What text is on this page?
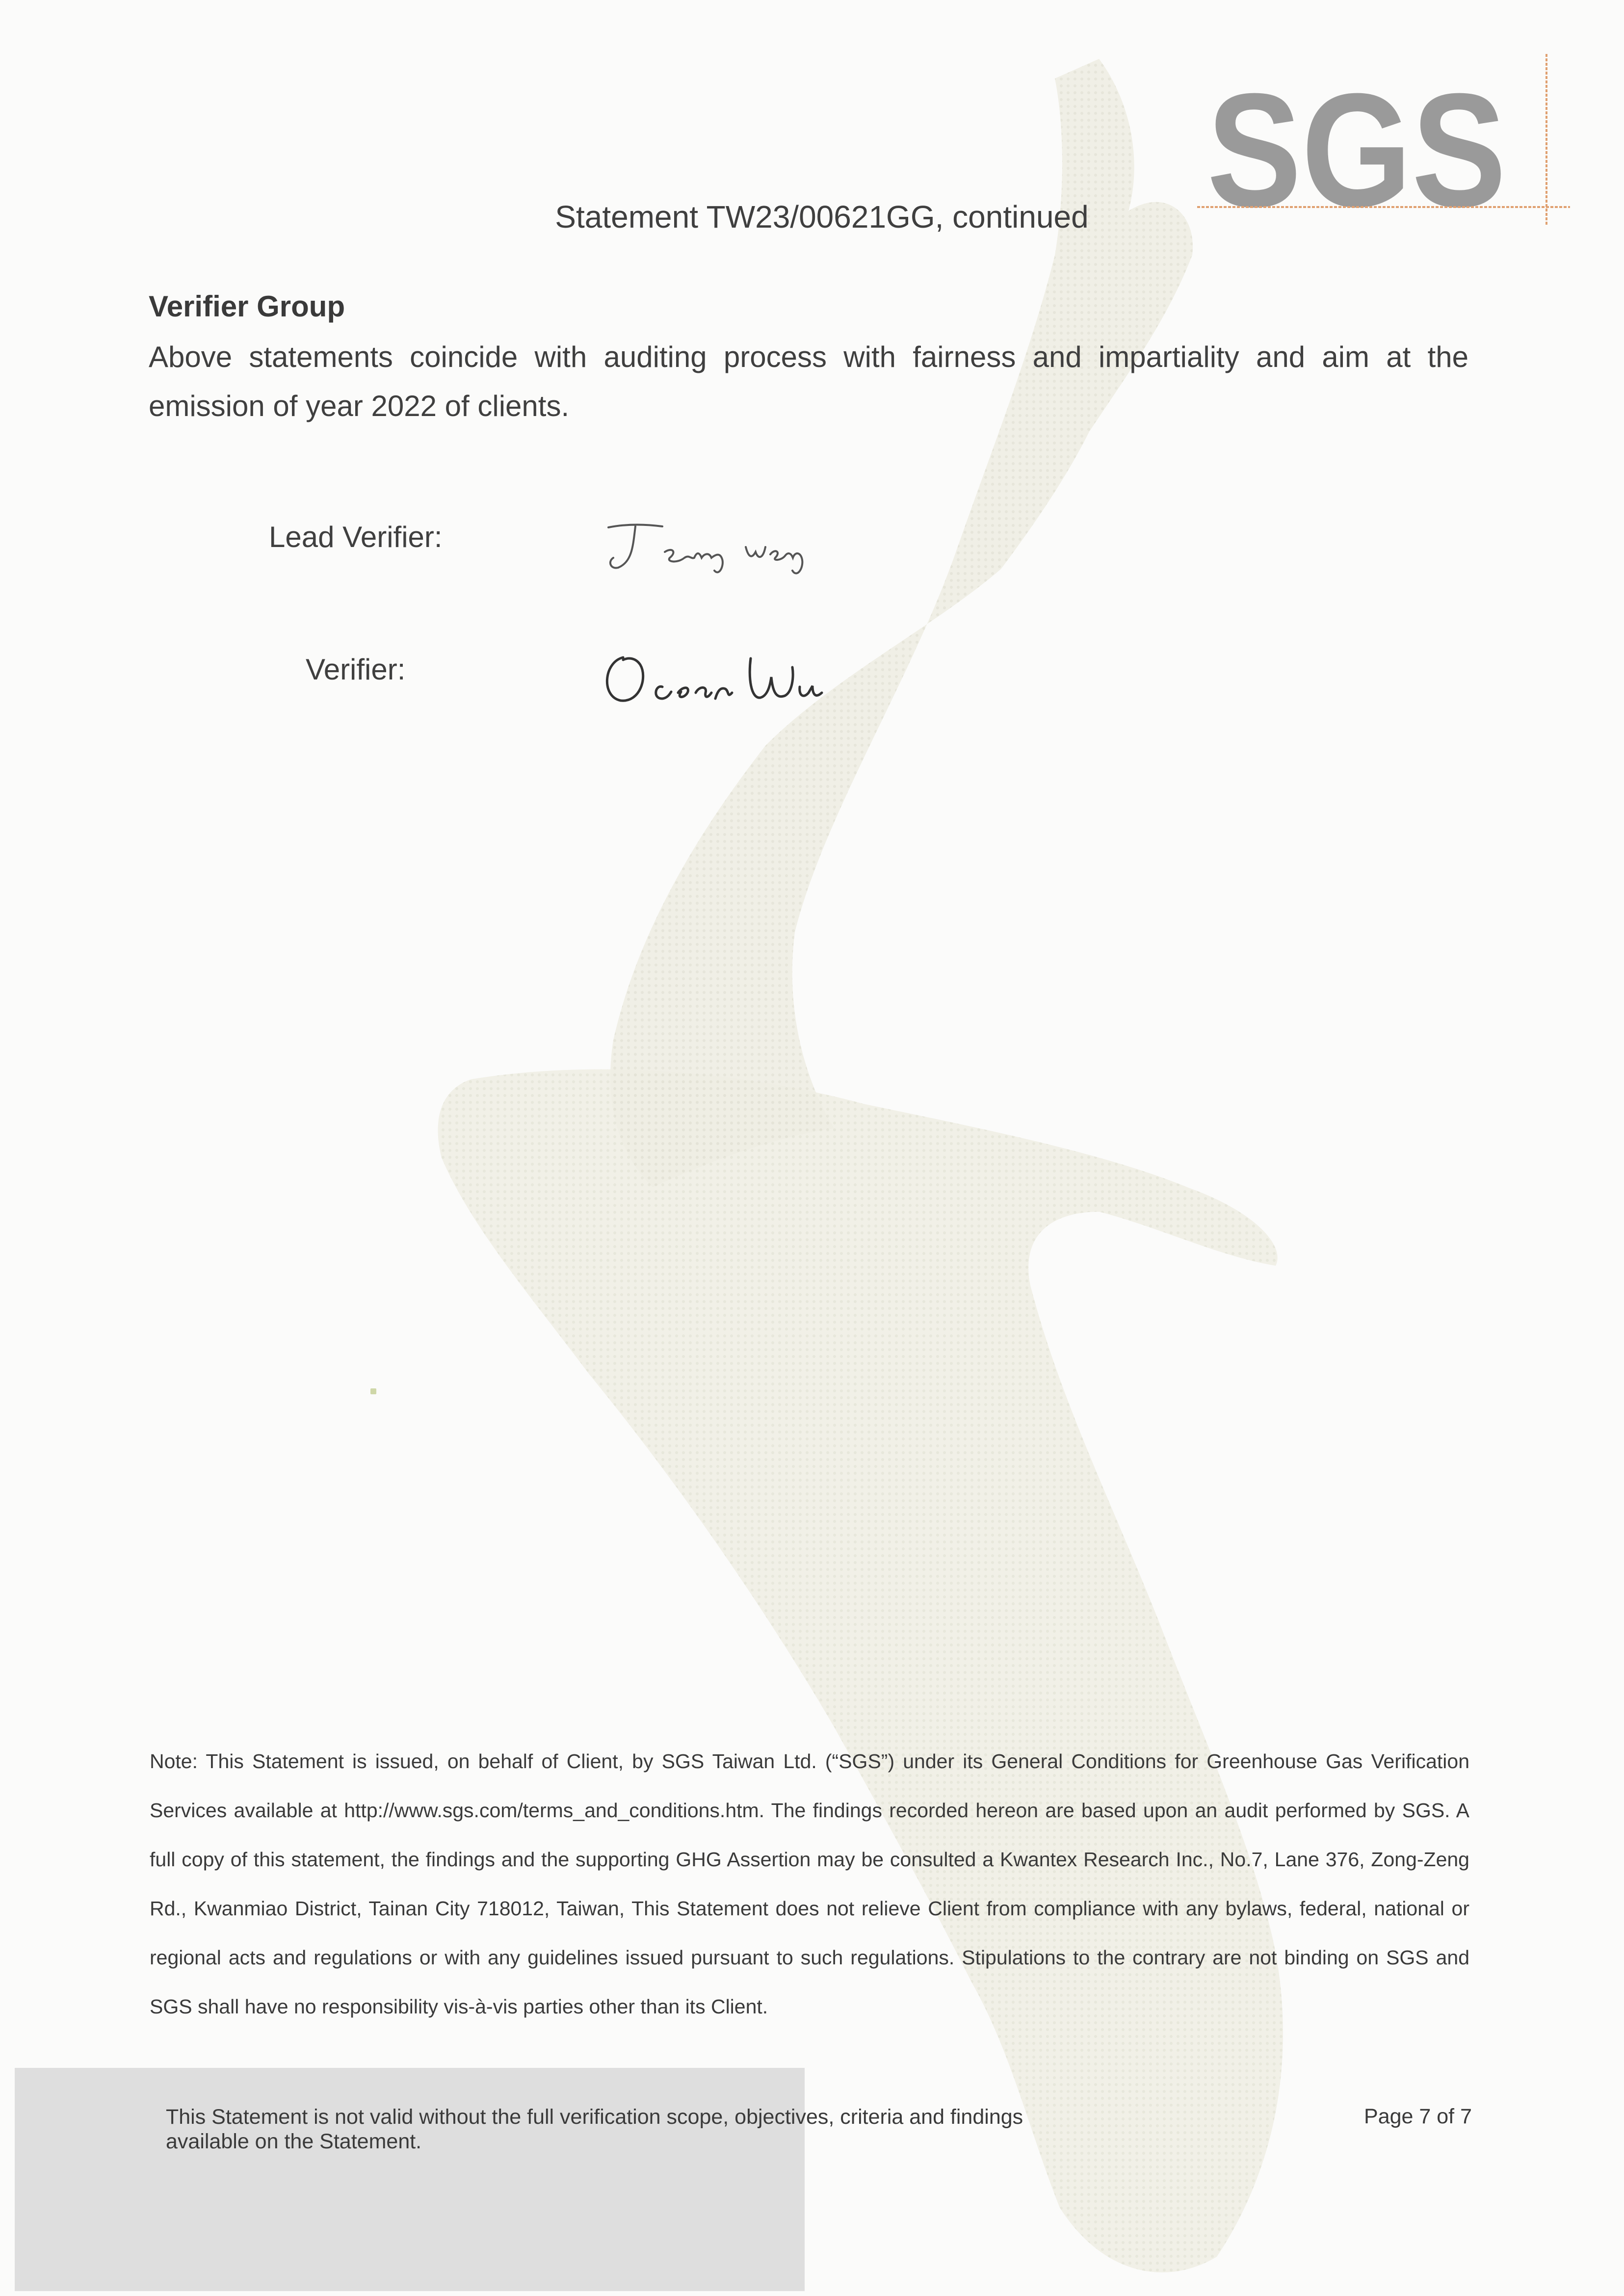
SGS
Statement TW23/00621GG, continued
Verifier Group
Above statements coincide with auditing process with fairness and impartiality and aim at the emission of year 2022 of clients.
Lead Verifier:
Verifier:
Note: This Statement is issued, on behalf of Client, by SGS Taiwan Ltd. (“SGS”) under its General Conditions for Greenhouse Gas Verification Services available at http://www.sgs.com/terms_and_conditions.htm. The findings recorded hereon are based upon an audit performed by SGS. A full copy of this statement, the findings and the supporting GHG Assertion may be consulted a Kwantex Research Inc., No.7, Lane 376, Zong-Zeng Rd., Kwanmiao District, Tainan City 718012, Taiwan, This Statement does not relieve Client from compliance with any bylaws, federal, national or regional acts and regulations or with any guidelines issued pursuant to such regulations. Stipulations to the contrary are not binding on SGS and SGS shall have no responsibility vis-à-vis parties other than its Client.
This Statement is not valid without the full verification scope, objectives, criteria and findings available on the Statement.
Page 7 of 7
